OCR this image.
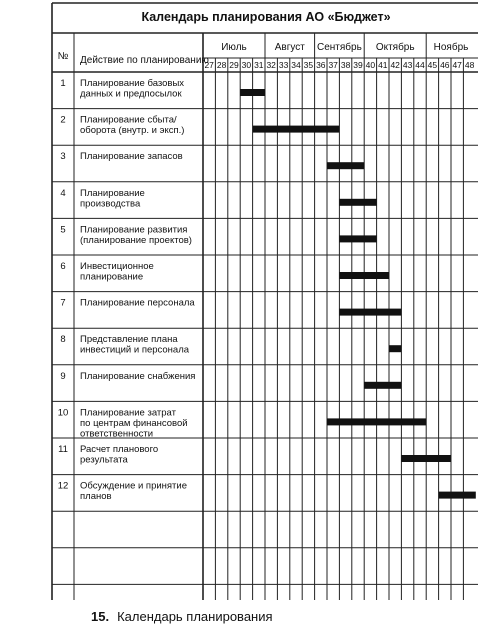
Календарь планирования АО «Бюджет»
№ Действие по планированию
Июль	Август Сентябрь Октябрь Ноябрь
27 28 29 30 31 32 33 34 35 36 37 38 39 40 41 42 43 44 45 46 47 48
1 Планирование базовых
данных и предпосылок
2 Планирование сбыта/
оборота (внутр. и эксп.)
3 Планирование запасов
4 Планирование
производства
5 Планирование развития
(планирование проектов)
6 Инвестиционное
планирование
7 Планирование персонала
8 Представление плана
инвестиций и персонала
9 Планирование снабжения
10 Планирование затрат
по центрам финансовой
ответственности
11 Расчет планового
результата
12 Обсуждение и принятие
планов
15. Календарь планирования
